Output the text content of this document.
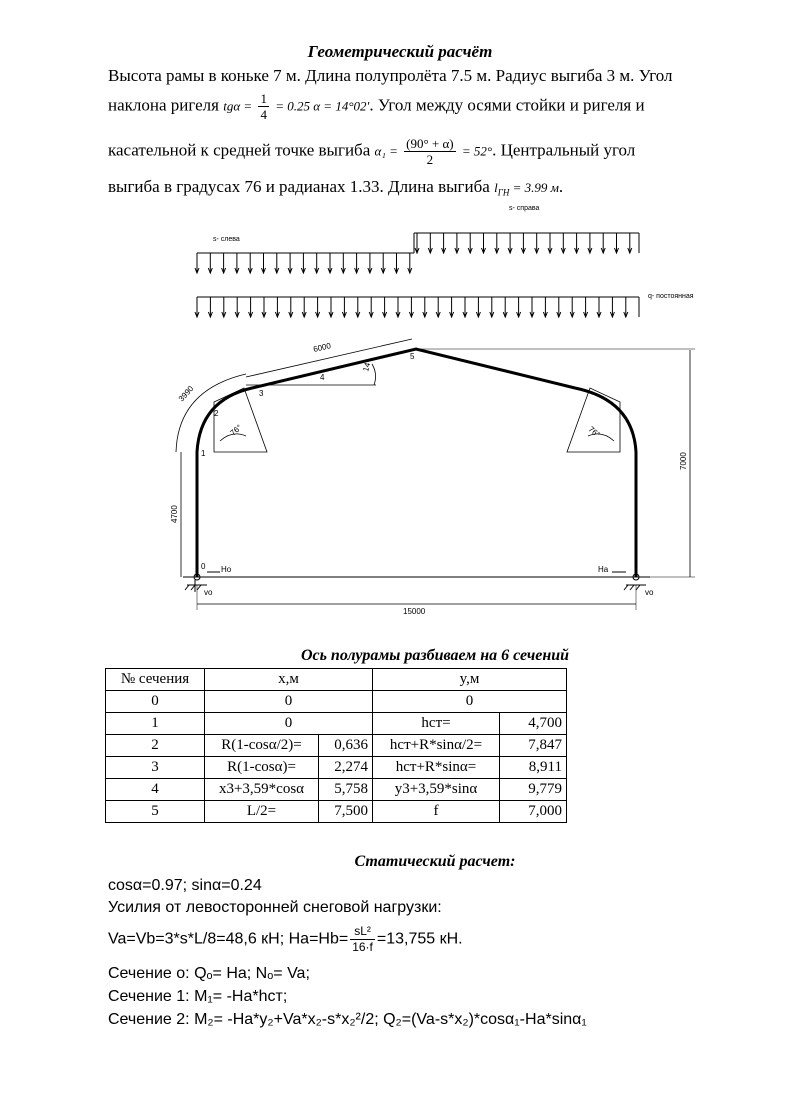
Геометрический расчёт
Высота рамы в коньке 7 м. Длина полупролёта 7.5 м. Радиус выгиба 3 м. Угол
наклона ригеля $tg\alpha = \frac{1}{4} = 0.25$ α = 14°02'. Угол между осями стойки и ригеля и
касательной к средней точке выгиба $\alpha_1 = \frac{(90^\circ + \alpha)}{2} = 52^\circ$. Центральный угол
выгиба в градусах 76 и радианах 1.33. Длина выгиба $l_{ГН} = 3.99$ м.
s- справа
s- слева
q- постоянная
6000
3990
4700
7000
15000
76°	76°
14°
1
2
3
4
5
0 Hо
vo
Hа
vo
Ось полурамы разбиваем на 6 сечений
№ сечения	x,м		y,м	
0	0		0	
1	0		hст=	4,700
2	R(1-cosα/2)=	0,636	hст+R*sinα/2=	7,847
3	R(1-cosα)=	2,274	hст+R*sinα=	8,911
4	x3+3,59*cosα	5,758	y3+3,59*sinα	9,779
5	L/2=	7,500	f	7,000
Статический расчет:
cosα=0.97; sinα=0.24
Усилия от левосторонней снеговой нагрузки:
Va=Vb=3*s*L/8=48,6 кН; $Ha=Hb= \frac{\text{sL²}}{16\cdot f} =13,755$ кН.
Сечение о: Qₒ= Ha; Nₒ= Va;
Сечение 1: M₁= -Ha*hст;
Сечение 2: M₂= -Ha*y₂+Va*x₂-s*x₂²/2; Q₂=(Va-s*x₂)*cosα₁-Ha*sinα₁
